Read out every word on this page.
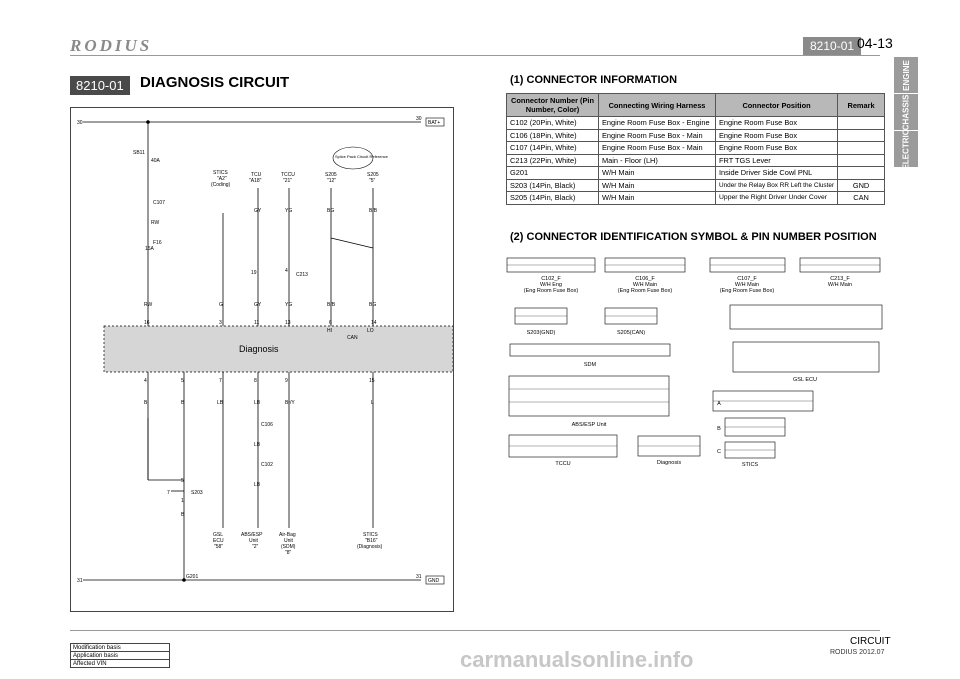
RODIUS	8210-01 04-13
ENGINE
CHASSIS
ELECTRIC
8210-01	DIAGNOSIS CIRCUIT
30
30
BAT+
31
31
GND
SB11
40A
C107
RW
F16
15A
STICS
"A2"
(Coding)
TCU
"A18"
TCCU
"21"
S205
"12"
S205
"5"
Splice Pack Circuit Reference
GY	YG	BG	B/B
C213
19	4
RW	G	GY	YG	B/B	BG
16	3	11	13	6	14
HI	LO
CAN
Diagnosis
4	5	7	8	9	15
B	B	LB	LB	Br/Y	L
C106
LB
C102
LB
S203
5
7
1
B
GSL
ECU
"58"
ABS/ESP
Unit
"2"
Air-Bag
Unit
(SDM)
"8"
STICS
"B16"
(Diagnosis)
G201
(1) CONNECTOR INFORMATION
Connector Number (Pin Number, Color)	Connecting Wiring Harness	Connector Position	Remark
C102 (20Pin, White)	Engine Room Fuse Box - Engine	Engine Room Fuse Box	
C106 (18Pin, White)	Engine Room Fuse Box - Main	Engine Room Fuse Box	
C107 (14Pin, White)	Engine Room Fuse Box - Main	Engine Room Fuse Box	
C213 (22Pin, White)	Main - Floor (LH)	FRT TGS Lever	
G201	W/H Main	Inside Driver Side Cowl PNL	
S203 (14Pin, Black)	W/H Main	Under the Relay Box RR Left the Cluster	GND
S205 (14Pin, Black)	W/H Main	Upper the Right Driver Under Cover	CAN
(2) CONNECTOR IDENTIFICATION SYMBOL & PIN NUMBER POSITION
C102_F
W/H Eng
(Eng Room Fuse Box)
C106_F
W/H Main
(Eng Room Fuse Box)
C107_F
W/H Main
(Eng Room Fuse Box)
C213_F
W/H Main
S203(GND)	S205(CAN)
SDM
GSL ECU
ABS/ESP Unit
TCCU	Diagnosis	STICS
A
B
C
Modification basis
Application basis
Affected VIN	carmanualsonline.info
CIRCUIT
RODIUS 2012.07
